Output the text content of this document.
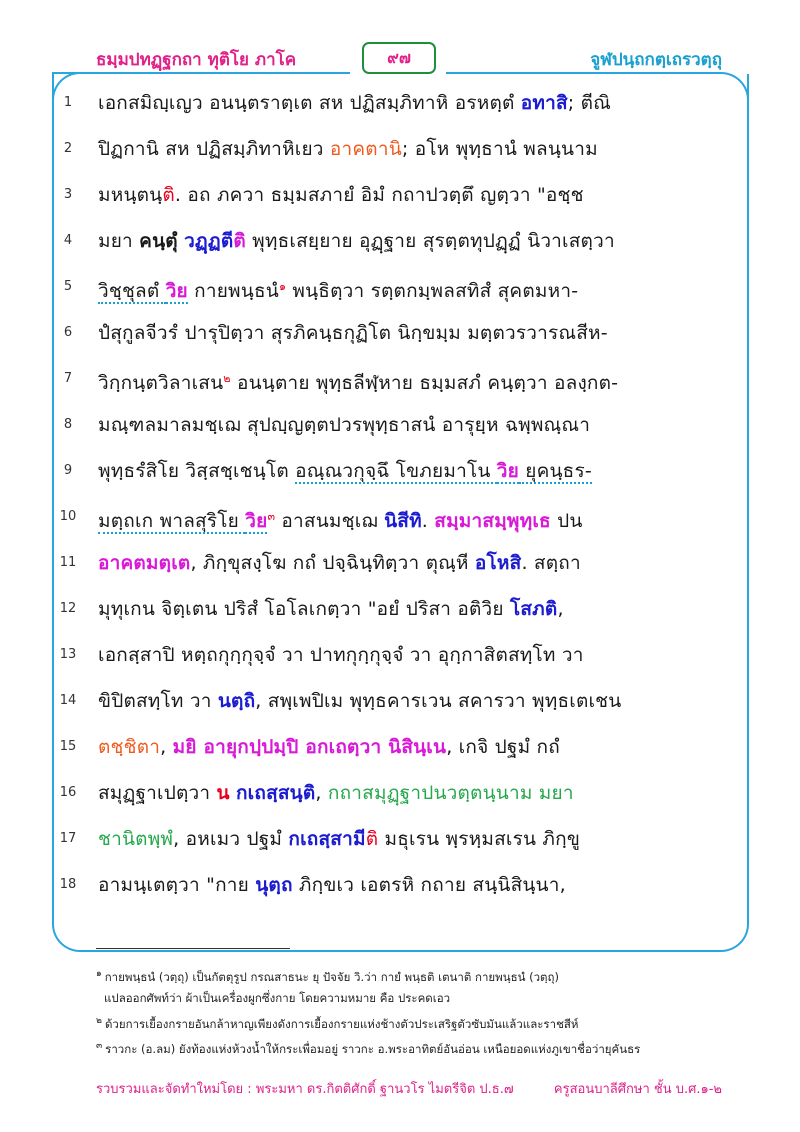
ธมฺมปทฏฺฐกถา ทุติโย ภาโค	๙๗	จูฬปนฺถกตฺเถรวตฺถุ
1	เอกสมิญฺเญว อนนฺตราตฺเต สห ปฏิสมฺภิทาหิ อรหตฺตํ อทาสิ; ตีณิ
2	ปิฏกานิ สห ปฏิสมฺภิทาหิเยว อาคตานิ; อโห พุทฺธานํ พลนฺนาม
3	มหนฺตนฺติ. อถ ภควา ธมฺมสภายํ อิมํ กถาปวตฺตึ ญตฺวา "อชฺช
4	มยา คนฺตุํ วฏฺฏตีติ พุทฺธเสยฺยาย อุฏฺฐาย สุรตฺตทุปฏฺฏํ นิวาเสตฺวา
5	วิชฺชุลตํ วิย กายพนฺธนํ$^๑$ พนฺธิตฺวา รตฺตกมฺพลสทิสํ สุคตมหา-
6	ปํสุกูลจีวรํ ปารุปิตฺวา สุรภิคนฺธกุฏิโต นิกฺขมฺม มตฺตวรวารณสีห-
7	วิกฺกนฺตวิลาเสน$^๒$ อนนฺตาย พุทฺธลีฬฺหาย ธมฺมสภํ คนฺตฺวา อลงฺกต-
8	มณฺฑลมาลมชฺเฌ สุปญฺญตฺตปวรพุทฺธาสนํ อารุยฺห ฉพฺพณฺณา
9	พุทฺธรํสิโย วิสฺสชฺเชนฺโต อณฺณวกุจฺฉึ โขภยมาโน วิย ยุคนฺธร-
10 มตฺถเก พาลสุริโย วิย$^๓$ อาสนมชฺเฌ นิสีทิ. สมฺมาสมฺพุทฺเธ ปน
11 อาคตมตฺเต, ภิกฺขุสงฺโฆ กถํ ปจฺฉินฺทิตฺวา ตุณฺหี อโหสิ. สตฺถา
12 มุทุเกน จิตฺเตน ปริสํ โอโลเกตฺวา "อยํ ปริสา อติวิย โสภติ,
13 เอกสฺสาปิ หตฺถกุกฺกุจฺจํ วา ปาทกุกฺกุจฺจํ วา อุกฺกาสิตสทฺโท วา
14 ขิปิตสทฺโท วา นตฺถิ, สพฺเพปิเม พุทฺธคารเวน สคารวา พุทฺธเตเชน
15 ตชฺชิตา, มยิ อายุกปฺปมฺปิ อกเถตฺวา นิสินฺเน, เกจิ ปฐมํ กถํ
16 สมุฏฺฐาเปตฺวา น กเถสฺสนฺติ, กถาสมุฏฺฐาปนวตฺตนฺนาม มยา
17 ชานิตพฺพํ, อหเมว ปฐมํ กเถสฺสามีติ มธุเรน พฺรหฺมสเรน ภิกฺขู
18 อามนฺเตตฺวา "กาย นุตฺถ ภิกฺขเว เอตรหิ กถาย สนฺนิสินฺนา,
$^๑$ กายพนฺธนํ (วตฺถุ) เป็นกัตตุรูป กรณสาธนะ ยุ ปัจจัย วิ.ว่า กายํ พนฺธติ เตนาติ กายพนฺธนํ (วตฺถุ)
แปลออกศัพท์ว่า ผ้าเป็นเครื่องผูกซึ่งกาย โดยความหมาย คือ ประคดเอว
$^๒$ ด้วยการเยื้องกรายอันกล้าหาญเพียงดังการเยื้องกรายแห่งช้างตัวประเสริฐตัวซับมันแล้วและราชสีห์
$^๓$ ราวกะ (อ.ลม) ยังท้องแห่งห้วงน้ำให้กระเพื่อมอยู่ ราวกะ อ.พระอาทิตย์อันอ่อน เหนือยอดแห่งภูเขาชื่อว่ายุคันธร
รวบรวมและจัดทำใหม่โดย : พระมหา ดร.กิตติศักดิ์ ฐานวโร ไมตรีจิต ป.ธ.๗	ครูสอนบาลีศึกษา ชั้น บ.ศ.๑-๒
